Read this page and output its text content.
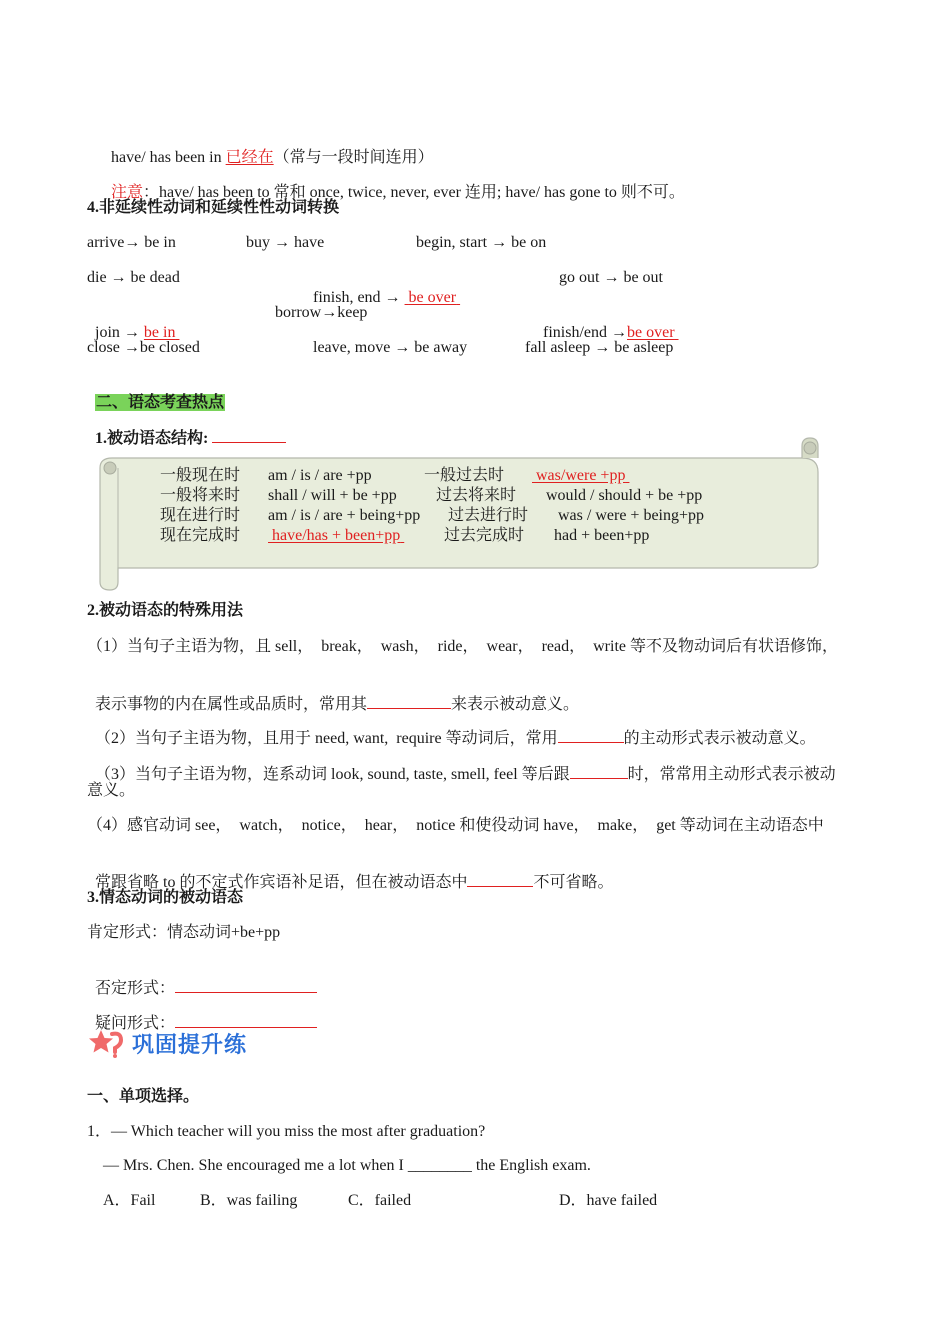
have/ has been in 已经在（常与一段时间连用）

注意：have/ has been to 常和 once, twice, never, ever 连用; have/ has gone to 则不可。

4.非延续性动词和延续性性动词转换
arrive→ be in	buy → have	begin, start → be on
die → be dead

finish, end →  be over

go out → be out

join → be in

borrow→keep

finish/end →be over

close →be closed	leave, move → be away	fall asleep → be asleep

二、语态考查热点

1.被动语态结构:

一般现在时 am / is / are +pp	一般过去时 was/were +pp
一般将来时 shall / will + be +pp 过去将来时 would / should + be +pp
现在进行时 am / is / are + being+pp 过去进行时 was / were + being+pp
现在完成时 have/has + been+pp	过去完成时 had + been+pp
2.被动语态的特殊用法
（1）当句子主语为物，且 sell，  break，  wash，  ride，  wear，  read，  write 等不及物动词后有状语修饰，

表示事物的内在属性或品质时，常用其	来表示被动意义。

（2）当句子主语为物，且用于 need, want,  require 等动词后，常用	的主动形式表示被动意义。

（3）当句子主语为物，连系动词 look, sound, taste, smell, feel 等后跟	时，常常用主动形式表示被动

意义。
（4）感官动词 see，  watch，  notice，  hear，  notice 和使役动词 have，  make，  get 等动词在主动语态中

常跟省略 to 的不定式作宾语补足语，但在被动语态中	不可省略。

3.情态动词的被动语态
肯定形式：情态动词+be+pp

否定形式：

疑问形式：

巩固提升练
一、单项选择。
1．— Which teacher will you miss the most after graduation?
— Mrs. Chen. She encouraged me a lot when I ________ the English exam.
A．Fail	B．was failing	C．failed	D．have failed
